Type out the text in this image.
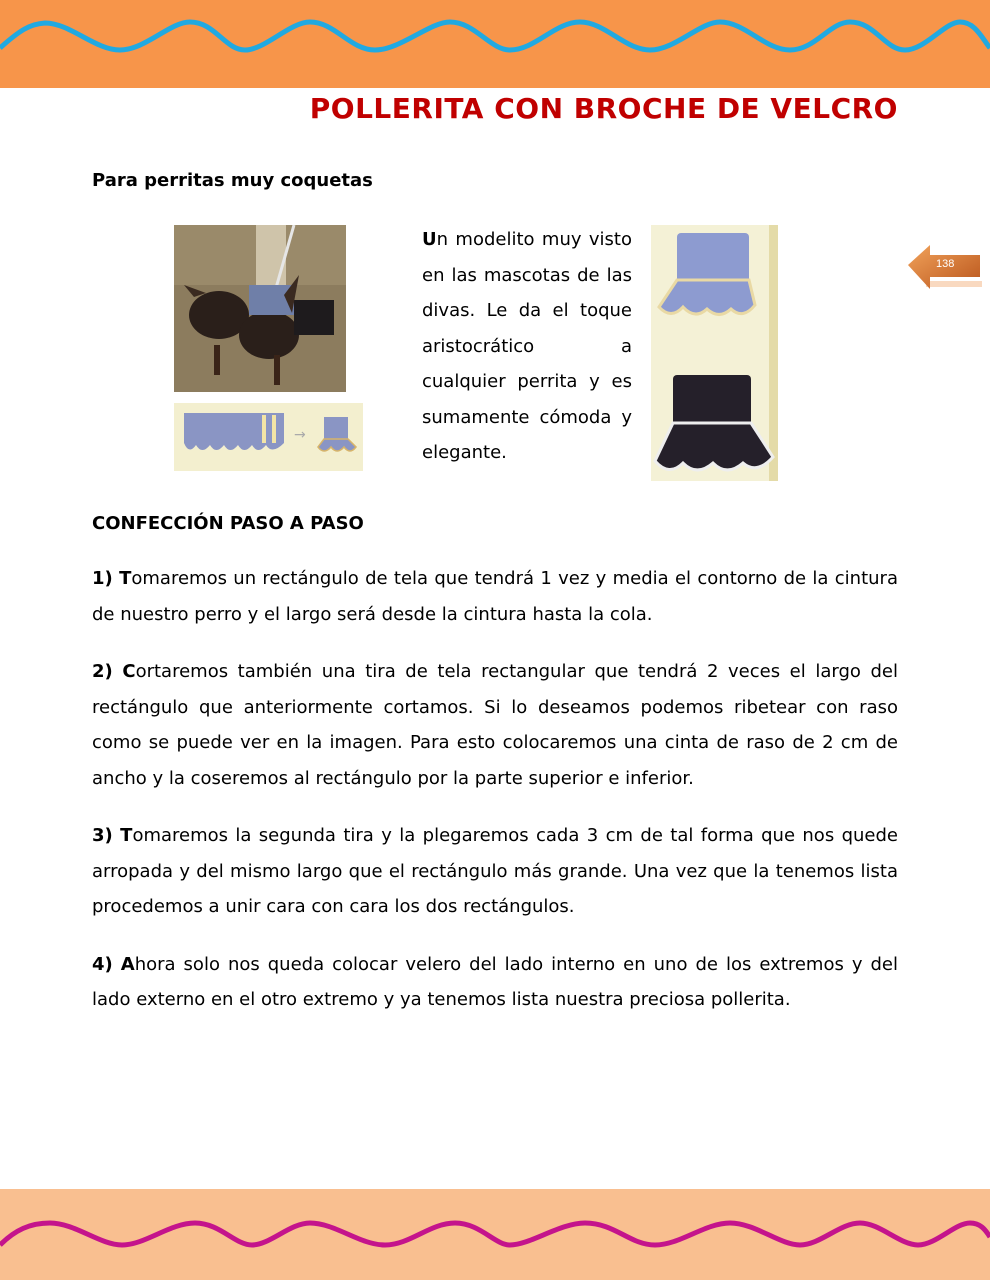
POLLERITA CON BROCHE DE VELCRO
Para perritas muy coquetas
→
Un modelito muy visto en las mascotas de las divas. Le da el toque aristocrático a cualquier perrita y es sumamente cómoda y elegante.
138
CONFECCIÓN PASO A PASO

1) Tomaremos un rectángulo de tela que tendrá 1 vez y media el contorno de la cintura de nuestro perro y el largo será desde la cintura hasta la cola.

2) Cortaremos también una tira de tela rectangular que tendrá 2 veces el largo del rectángulo que anteriormente cortamos. Si lo deseamos podemos ribetear con raso como se puede ver en la imagen. Para esto colocaremos una cinta de raso de 2 cm de ancho y la coseremos al rectángulo por la parte superior e inferior.

3) Tomaremos la segunda tira y la plegaremos cada 3 cm de tal forma que nos quede arropada y del mismo largo que el rectángulo más grande. Una vez que la tenemos lista procedemos a unir cara con cara los dos rectángulos.

4) Ahora solo nos queda colocar velero del lado interno en uno de los extremos y del lado externo en el otro extremo y ya tenemos lista nuestra preciosa pollerita.
